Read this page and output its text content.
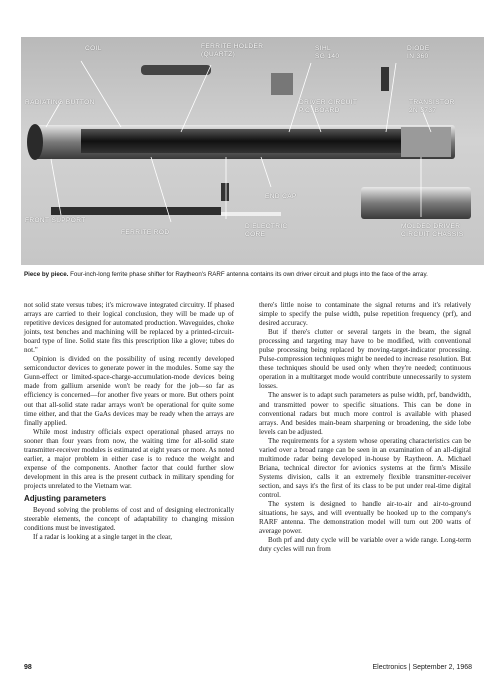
COIL	FERRITE HOLDER
(QUARTZ)
SIHL
SG 140
DIODE
IN 360
RADIATING BUTTON	DRIVER CIRCUIT
P.C. BOARD
TRANSISTOR
2N 3737
END CAP
FRONT SUPPORT
FERRITE ROD
DIELECTRIC
CORE
MOLDED DRIVER
CIRCUIT CHASSIS
Piece by piece. Four-inch-long ferrite phase shifter for Raytheon's RARF antenna contains its own driver circuit and plugs into the face of the array.

not solid state versus tubes; it's microwave integrated circuitry. If phased arrays are carried to their logical conclusion, they will be made up of repetitive devices designed for automated production. Waveguides, choke joints, test benches and machining will be replaced by a printed-circuit-board type of line. Solid state fits this prescription like a glove; tubes do not."

Opinion is divided on the possibility of using recently developed semiconductor devices to generate power in the modules. Some say the Gunn-effect or limited-space-charge-accumulation-mode devices being made from gallium arsenide won't be ready for the job—so far as efficiency is concerned—for another five years or more. But others point out that all-solid state radar arrays won't be operational for quite some time either, and that the GaAs devices may be ready when the arrays are finally applied.

While most industry officials expect operational phased arrays no sooner than four years from now, the waiting time for all-solid state transmitter-receiver modules is estimated at eight years or more. As noted earlier, a major problem in either case is to reduce the weight and expense of the components. Another factor that could further slow development in this area is the present cutback in military spending for projects unrelated to the Vietnam war.

Adjusting parameters

Beyond solving the problems of cost and of designing electronically steerable elements, the concept of adaptability to changing mission conditions must be investigated.

If a radar is looking at a single target in the clear,

there's little noise to contaminate the signal returns and it's relatively simple to specify the pulse width, pulse repetition frequency (prf), and desired accuracy.

But if there's clutter or several targets in the beam, the signal processing and targeting may have to be modified, with conventional pulse processing being replaced by moving-target-indicator processing. Pulse-compression techniques might be needed to increase resolution. But these techniques should be used only when they're needed; continuous operation in a multitarget mode would contribute unnecessarily to system losses.

The answer is to adapt such parameters as pulse width, prf, bandwidth, and transmitted power to specific situations. This can be done in conventional radars but much more control is available with phased arrays. And besides main-beam sharpening or broadening, the side lobe levels can be adjusted.

The requirements for a system whose operating characteristics can be varied over a broad range can be seen in an examination of an all-digital multimode radar being developed in-house by Raytheon. A. Michael Briana, technical director for avionics systems at the firm's Missile Systems division, calls it an extremely flexible transmitter-receiver section, and says it's the first of its class to be put under real-time digital control.

The system is designed to handle air-to-air and air-to-ground situations, he says, and will eventually be hooked up to the company's RARF antenna. The demonstration model will turn out 200 watts of average power.

Both prf and duty cycle will be variable over a wide range. Long-term duty cycles will run from

98	Electronics | September 2, 1968
